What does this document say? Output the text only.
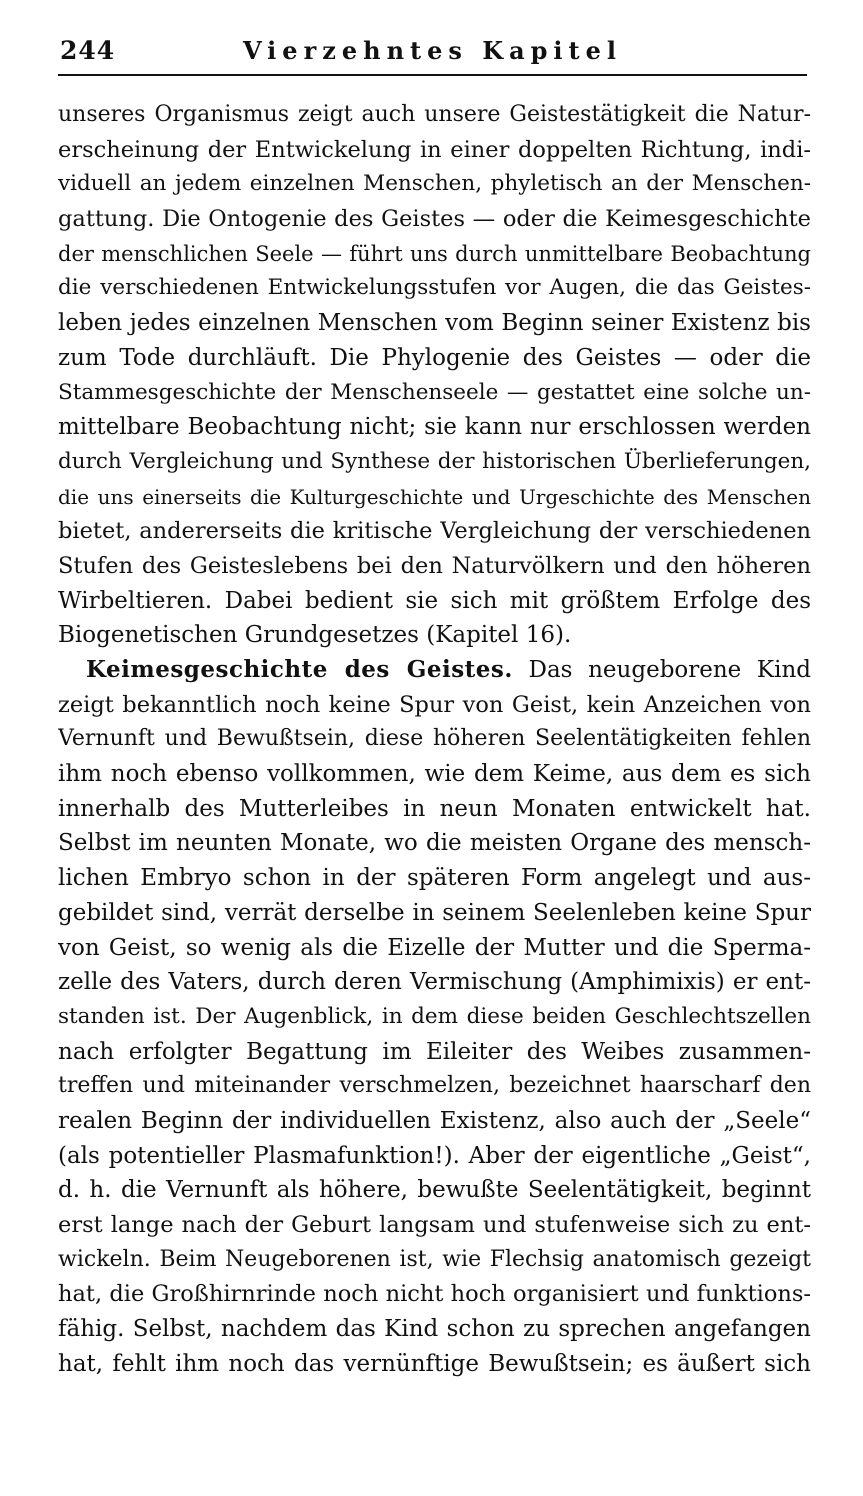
244	Vierzehntes Kapitel
unseres Organismus zeigt auch unsere Geistestätigkeit die Natur-
erscheinung der Entwickelung in einer doppelten Richtung, indi-
viduell an jedem einzelnen Menschen, phyletisch an der Menschen-
gattung. Die Ontogenie des Geistes — oder die Keimesgeschichte
der menschlichen Seele — führt uns durch unmittelbare Beobachtung
die verschiedenen Entwickelungsstufen vor Augen, die das Geistes-
leben jedes einzelnen Menschen vom Beginn seiner Existenz bis
zum Tode durchläuft. Die Phylogenie des Geistes — oder die
Stammesgeschichte der Menschenseele — gestattet eine solche un-
mittelbare Beobachtung nicht; sie kann nur erschlossen werden
durch Vergleichung und Synthese der historischen Überlieferungen,
die uns einerseits die Kulturgeschichte und Urgeschichte des Menschen
bietet, andererseits die kritische Vergleichung der verschiedenen
Stufen des Geisteslebens bei den Naturvölkern und den höheren
Wirbeltieren. Dabei bedient sie sich mit größtem Erfolge des
Biogenetischen Grundgesetzes (Kapitel 16).
Keimesgeschichte des Geistes. Das neugeborene Kind
zeigt bekanntlich noch keine Spur von Geist, kein Anzeichen von
Vernunft und Bewußtsein, diese höheren Seelentätigkeiten fehlen
ihm noch ebenso vollkommen, wie dem Keime, aus dem es sich
innerhalb des Mutterleibes in neun Monaten entwickelt hat.
Selbst im neunten Monate, wo die meisten Organe des mensch-
lichen Embryo schon in der späteren Form angelegt und aus-
gebildet sind, verrät derselbe in seinem Seelenleben keine Spur
von Geist, so wenig als die Eizelle der Mutter und die Sperma-
zelle des Vaters, durch deren Vermischung (Amphimixis) er ent-
standen ist. Der Augenblick, in dem diese beiden Geschlechtszellen
nach erfolgter Begattung im Eileiter des Weibes zusammen-
treffen und miteinander verschmelzen, bezeichnet haarscharf den
realen Beginn der individuellen Existenz, also auch der „Seele“
(als potentieller Plasmafunktion!). Aber der eigentliche „Geist“,
d. h. die Vernunft als höhere, bewußte Seelentätigkeit, beginnt
erst lange nach der Geburt langsam und stufenweise sich zu ent-
wickeln. Beim Neugeborenen ist, wie Flechsig anatomisch gezeigt
hat, die Großhirnrinde noch nicht hoch organisiert und funktions-
fähig. Selbst, nachdem das Kind schon zu sprechen angefangen
hat, fehlt ihm noch das vernünftige Bewußtsein; es äußert sich
